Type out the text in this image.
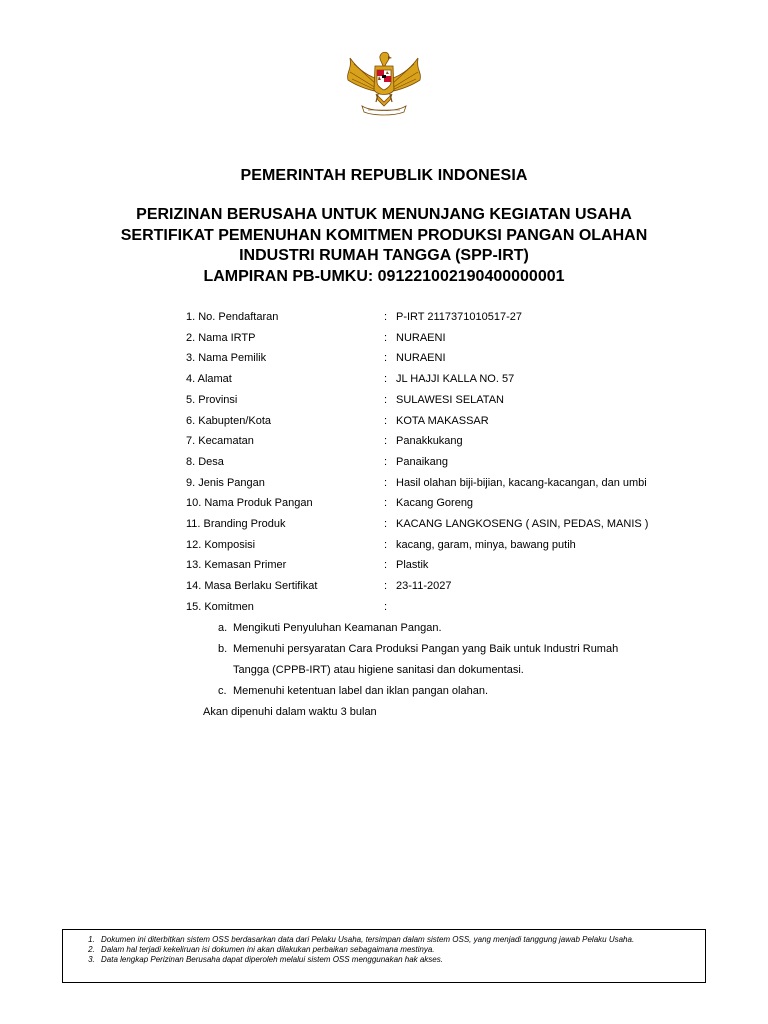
PEMERINTAH REPUBLIK INDONESIA
PERIZINAN BERUSAHA UNTUK MENUNJANG KEGIATAN USAHA
SERTIFIKAT PEMENUHAN KOMITMEN PRODUKSI PANGAN OLAHAN
INDUSTRI RUMAH TANGGA (SPP-IRT)
LAMPIRAN PB-UMKU: 091221002190400000001
1. No. Pendaftaran	: P-IRT 2117371010517-27
2. Nama IRTP	: NURAENI
3. Nama Pemilik	: NURAENI
4. Alamat	: JL HAJJI KALLA NO. 57
5. Provinsi	: SULAWESI SELATAN
6. Kabupten/Kota	: KOTA MAKASSAR
7. Kecamatan	: Panakkukang
8. Desa	: Panaikang
9. Jenis Pangan	: Hasil olahan biji-bijian, kacang-kacangan, dan umbi
10. Nama Produk Pangan	: Kacang Goreng
11. Branding Produk	: KACANG LANGKOSENG ( ASIN, PEDAS, MANIS )
12. Komposisi	: kacang, garam, minya, bawang putih
13. Kemasan Primer	: Plastik
14. Masa Berlaku Sertifikat	: 23-11-2027
15. Komitmen	:
a. Mengikuti Penyuluhan Keamanan Pangan.
b. Memenuhi persyaratan Cara Produksi Pangan yang Baik untuk Industri Rumah
Tangga (CPPB-IRT) atau higiene sanitasi dan dokumentasi.
c. Memenuhi ketentuan label dan iklan pangan olahan.
Akan dipenuhi dalam waktu 3 bulan
1. Dokumen ini diterbitkan sistem OSS berdasarkan data dari Pelaku Usaha, tersimpan dalam sistem OSS, yang menjadi tanggung jawab Pelaku Usaha.
2. Dalam hal terjadi kekeliruan isi dokumen ini akan dilakukan perbaikan sebagaimana mestinya.
3. Data lengkap Perizinan Berusaha dapat diperoleh melalui sistem OSS menggunakan hak akses.
